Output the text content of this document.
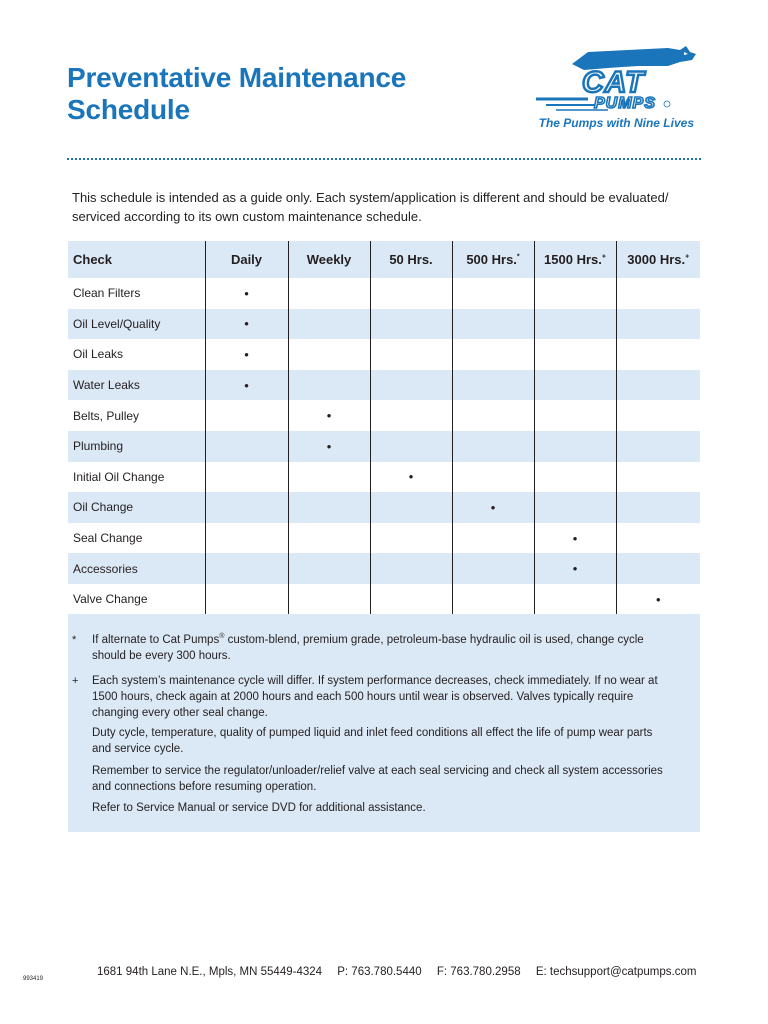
Preventative Maintenance
Schedule
CAT
PUMPS
The Pumps with Nine Lives

This schedule is intended as a guide only. Each system/application is different and should be evaluated/ serviced according to its own custom maintenance schedule.

Check	Daily	Weekly	50 Hrs.	500 Hrs.*	1500 Hrs.+	3000 Hrs.+
Clean Filters	•					
Oil Level/Quality	•					
Oil Leaks	•					
Water Leaks	•					
Belts, Pulley		•				
Plumbing		•				
Initial Oil Change			•			
Oil Change				•		
Seal Change					•	
Accessories					•	
Valve Change						•
* If alternate to Cat Pumps® custom-blend, premium grade, petroleum-base hydraulic oil is used, change cycle should be every 300 hours.
+ Each system’s maintenance cycle will differ. If system performance decreases, check immediately. If no wear at 1500 hours, check again at 2000 hours and each 500 hours until wear is observed. Valves typically require changing every other seal change.
Duty cycle, temperature, quality of pumped liquid and inlet feed conditions all effect the life of pump wear parts and service cycle.
Remember to service the regulator/unloader/relief valve at each seal servicing and check all system accessories and connections before resuming operation.
Refer to Service Manual or service DVD for additional assistance.
993419
1681 94th Lane N.E., Mpls, MN 55449-4324 P: 763.780.5440 F: 763.780.2958 E: techsupport@catpumps.com
